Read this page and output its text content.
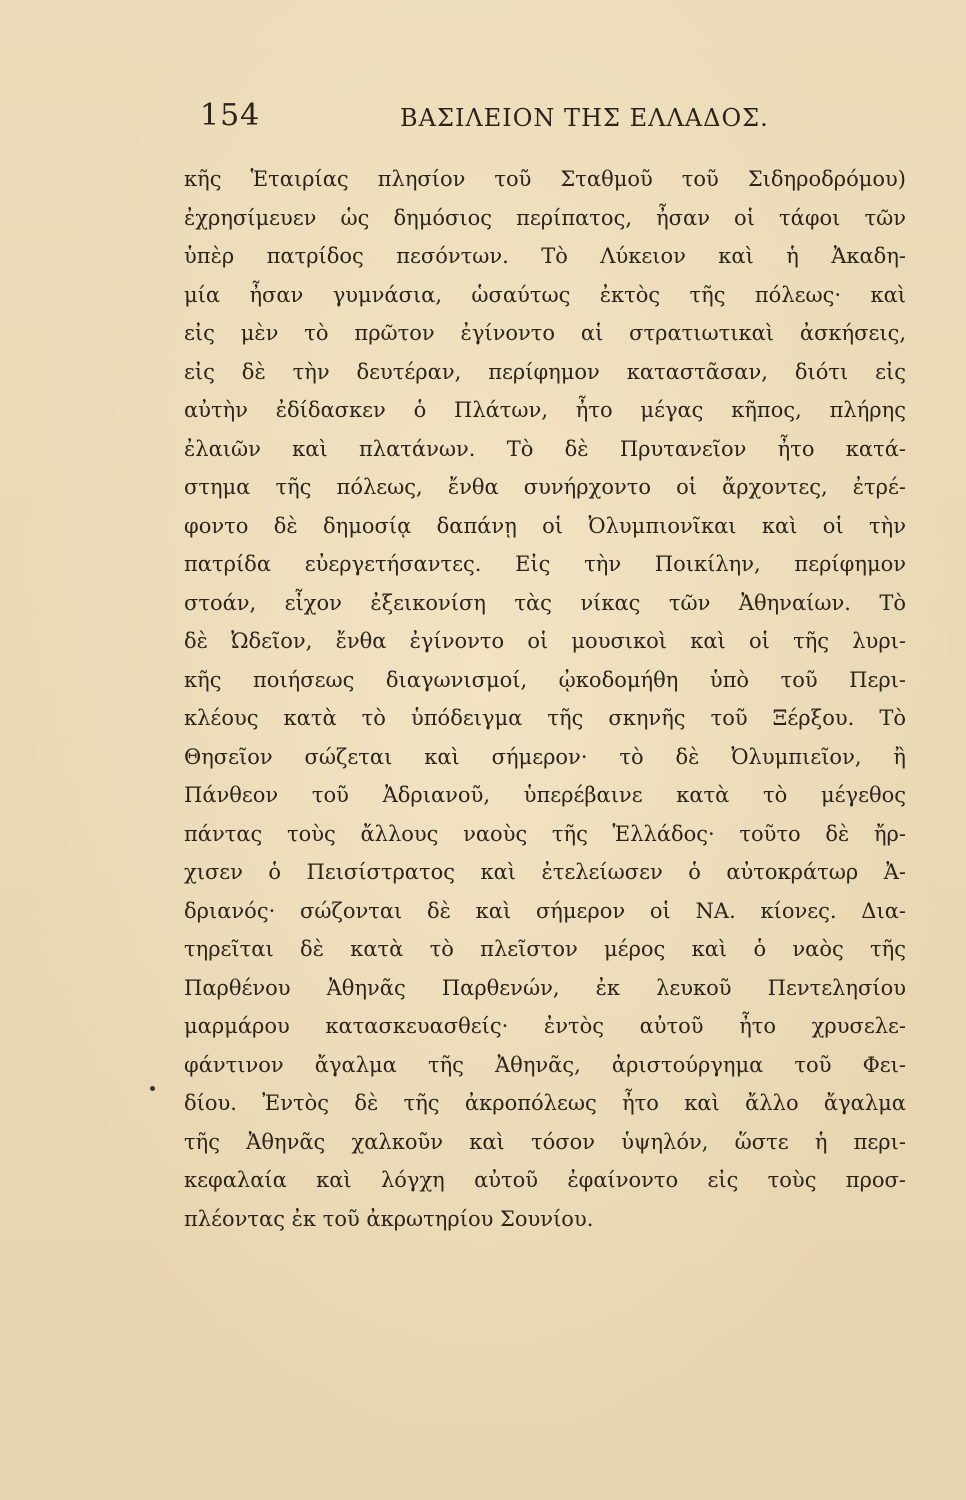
154	ΒΑΣΙΛΕΙΟΝ ΤΗΣ ΕΛΛΑΔΟΣ.
κῆς Ἑταιρίας πλησίον τοῦ Σταθμοῦ τοῦ Σιδηροδρόμου)
ἐχρησίμευεν ὡς δημόσιος περίπατος, ἦσαν οἱ τάφοι τῶν
ὑπὲρ πατρίδος πεσόντων. Τὸ Λύκειον καὶ ἡ Ἀκαδη-
μία ἦσαν γυμνάσια, ὡσαύτως ἐκτὸς τῆς πόλεως· καὶ
εἰς μὲν τὸ πρῶτον ἐγίνοντο αἱ στρατιωτικαὶ ἀσκήσεις,
εἰς δὲ τὴν δευτέραν, περίφημον καταστᾶσαν, διότι εἰς
αὐτὴν ἐδίδασκεν ὁ Πλάτων, ἦτο μέγας κῆπος, πλήρης
ἐλαιῶν καὶ πλατάνων. Τὸ δὲ Πρυτανεῖον ἦτο κατά-
στημα τῆς πόλεως, ἔνθα συνήρχοντο οἱ ἄρχοντες, ἐτρέ-
φοντο δὲ δημοσίᾳ δαπάνῃ οἱ Ὀλυμπιονῖκαι καὶ οἱ τὴν
πατρίδα εὐεργετήσαντες. Εἰς τὴν Ποικίλην, περίφημον
στοάν, εἶχον ἐξεικονίση τὰς νίκας τῶν Ἀθηναίων. Τὸ
δὲ Ὠδεῖον, ἔνθα ἐγίνοντο οἱ μουσικοὶ καὶ οἱ τῆς λυρι-
κῆς ποιήσεως διαγωνισμοί, ᾠκοδομήθη ὑπὸ τοῦ Περι-
κλέους κατὰ τὸ ὑπόδειγμα τῆς σκηνῆς τοῦ Ξέρξου. Τὸ
Θησεῖον σώζεται καὶ σήμερον· τὸ δὲ Ὀλυμπιεῖον, ἢ
Πάνθεον τοῦ Ἀδριανοῦ, ὑπερέβαινε κατὰ τὸ μέγεθος
πάντας τοὺς ἄλλους ναοὺς τῆς Ἑλλάδος· τοῦτο δὲ ἤρ-
χισεν ὁ Πεισίστρατος καὶ ἐτελείωσεν ὁ αὐτοκράτωρ Ἀ-
δριανός· σώζονται δὲ καὶ σήμερον οἱ ΝΑ. κίονες. Δια-
τηρεῖται δὲ κατὰ τὸ πλεῖστον μέρος καὶ ὁ ναὸς τῆς
Παρθένου Ἀθηνᾶς Παρθενών, ἐκ λευκοῦ Πεντελησίου
μαρμάρου κατασκευασθείς· ἐντὸς αὐτοῦ ἦτο χρυσελε-
φάντινον ἄγαλμα τῆς Ἀθηνᾶς, ἀριστούργημα τοῦ Φει-
δίου. Ἐντὸς δὲ τῆς ἀκροπόλεως ἦτο καὶ ἄλλο ἄγαλμα
τῆς Ἀθηνᾶς χαλκοῦν καὶ τόσον ὑψηλόν, ὥστε ἡ περι-
κεφαλαία καὶ λόγχη αὐτοῦ ἐφαίνοντο εἰς τοὺς προσ-
πλέοντας ἐκ τοῦ ἀκρωτηρίου Σουνίου.
